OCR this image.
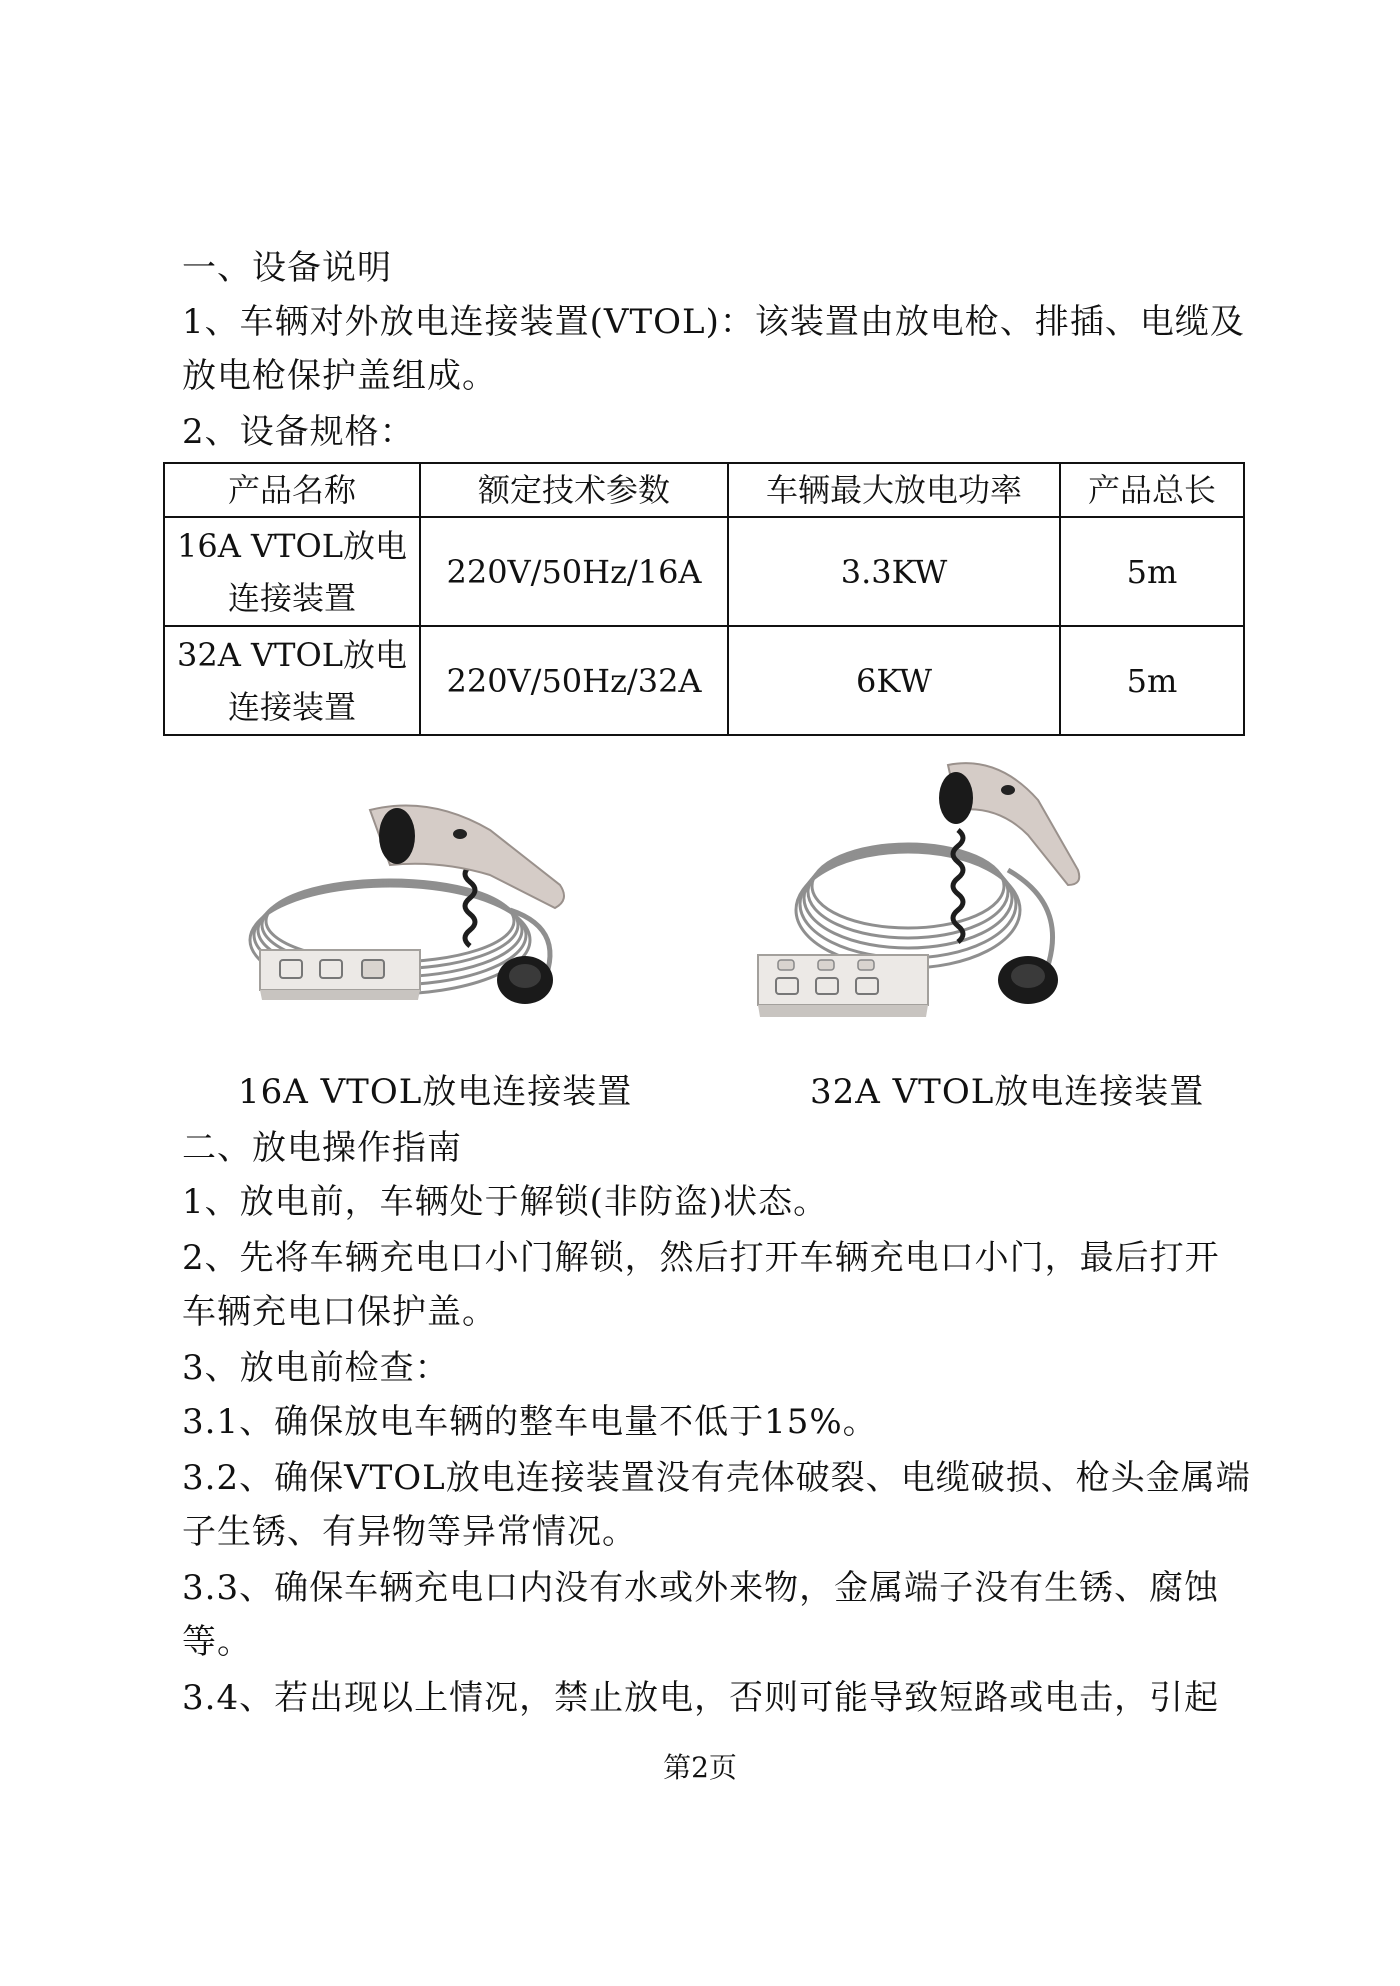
一、设备说明
1、车辆对外放电连接装置(VTOL)：该装置由放电枪、排插、电缆及
放电枪保护盖组成。
2、设备规格：
产品名称	额定技术参数	车辆最大放电功率	产品总长

16A VTOL放电
连接装置	220V/50Hz/16A	3.3KW	5m

32A VTOL放电
连接装置	220V/50Hz/32A	6KW	5m
16A VTOL放电连接装置	32A VTOL放电连接装置
二、放电操作指南
1、放电前，车辆处于解锁(非防盗)状态。
2、先将车辆充电口小门解锁，然后打开车辆充电口小门，最后打开
车辆充电口保护盖。
3、放电前检查：
3.1、确保放电车辆的整车电量不低于15%。
3.2、确保VTOL放电连接装置没有壳体破裂、电缆破损、枪头金属端
子生锈、有异物等异常情况。
3.3、确保车辆充电口内没有水或外来物，金属端子没有生锈、腐蚀
等。
3.4、若出现以上情况，禁止放电，否则可能导致短路或电击，引起
第2页
